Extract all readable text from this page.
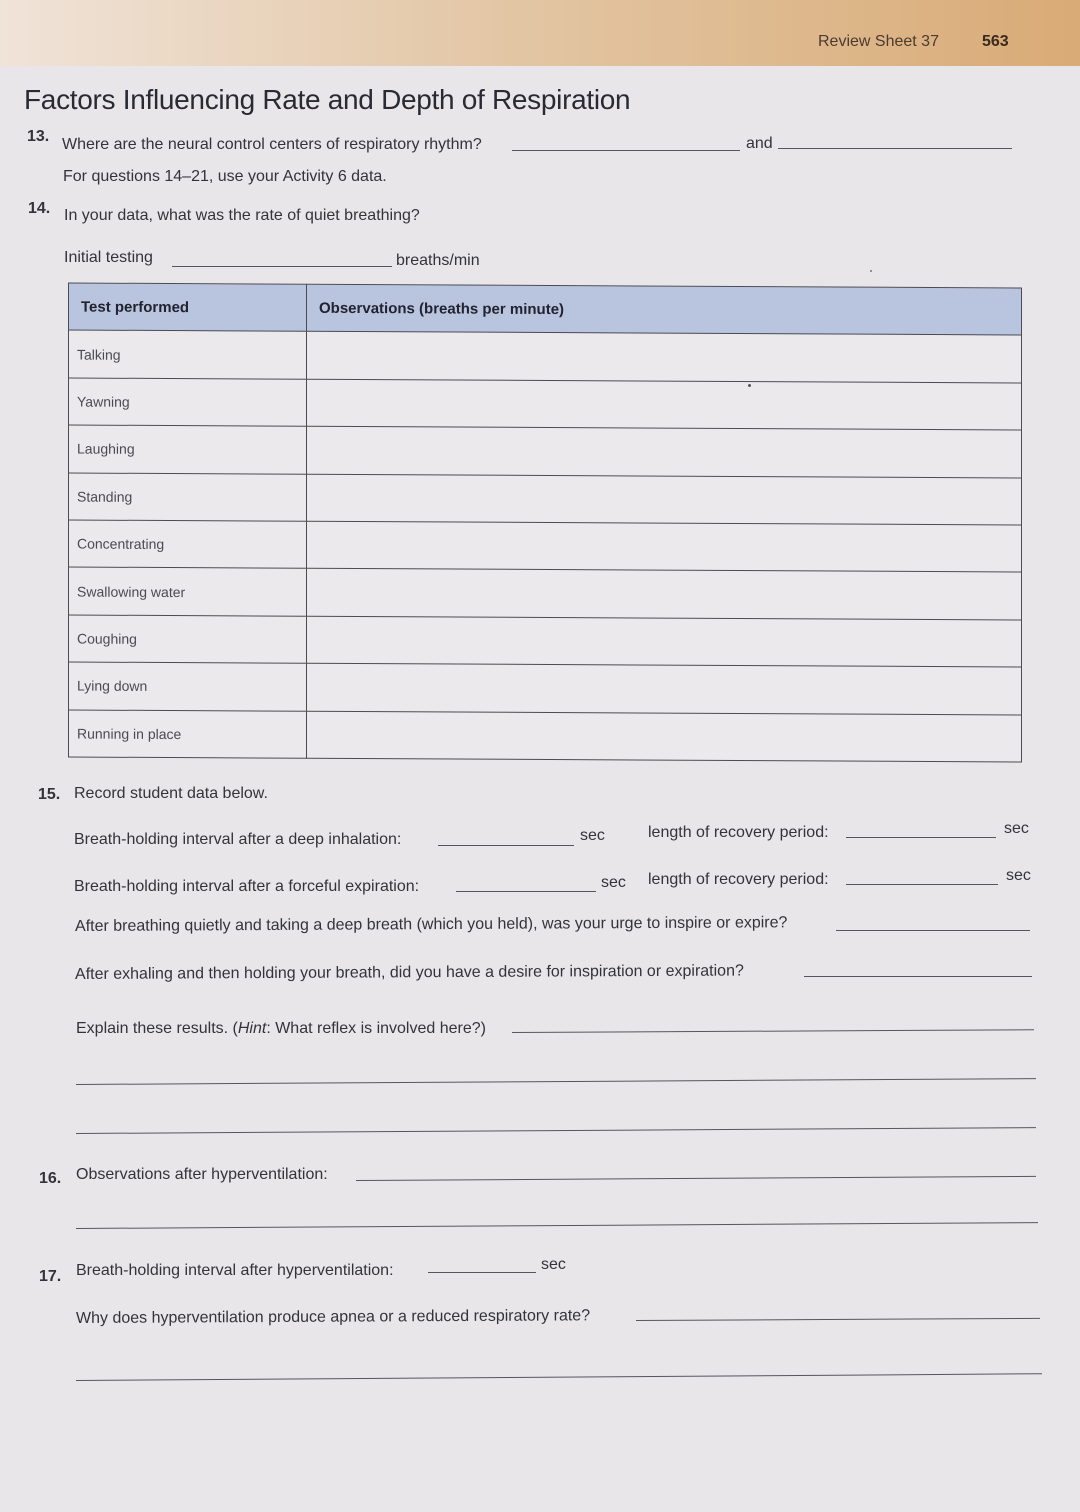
Review Sheet 37	563
Factors Influencing Rate and Depth of Respiration
13. Where are the neural control centers of respiratory rhythm?	and
For questions 14–21, use your Activity 6 data.
14. In your data, what was the rate of quiet breathing?
Initial testing	breaths/min
Test performed	Observations (breaths per minute)
Talking	
Yawning	
Laughing	
Standing	
Concentrating	
Swallowing water	
Coughing	
Lying down	
Running in place	
15. Record student data below.
Breath-holding interval after a deep inhalation:	sec	length of recovery period:	sec
Breath-holding interval after a forceful expiration:	sec length of recovery period:	sec
After breathing quietly and taking a deep breath (which you held), was your urge to inspire or expire?
After exhaling and then holding your breath, did you have a desire for inspiration or expiration?
Explain these results. (Hint: What reflex is involved here?)
16. Observations after hyperventilation:
17. Breath-holding interval after hyperventilation:	sec
Why does hyperventilation produce apnea or a reduced respiratory rate?
